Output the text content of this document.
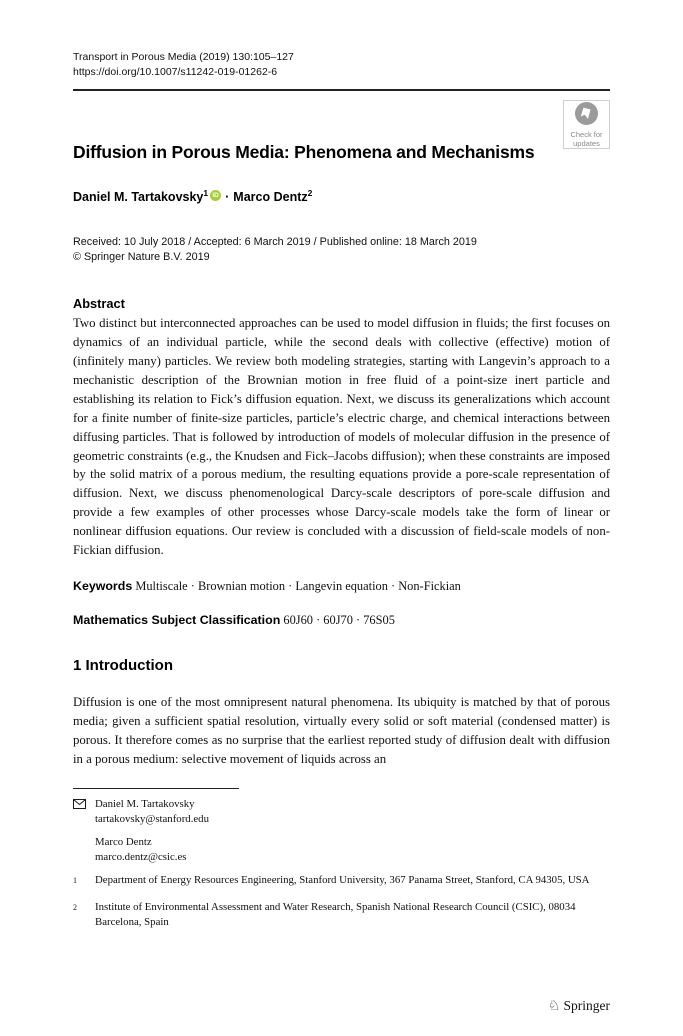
Transport in Porous Media (2019) 130:105–127
https://doi.org/10.1007/s11242-019-01262-6
Check for
updates
Diffusion in Porous Media: Phenomena and Mechanisms
Daniel M. Tartakovsky$^1$ iD · Marco Dentz$^2$
Received: 10 July 2018 / Accepted: 6 March 2019 / Published online: 18 March 2019
© Springer Nature B.V. 2019
Abstract

Two distinct but interconnected approaches can be used to model diffusion in fluids; the first focuses on dynamics of an individual particle, while the second deals with collective (effective) motion of (infinitely many) particles. We review both modeling strategies, starting with Langevin’s approach to a mechanistic description of the Brownian motion in free fluid of a point-size inert particle and establishing its relation to Fick’s diffusion equation. Next, we discuss its generalizations which account for a finite number of finite-size particles, particle’s electric charge, and chemical interactions between diffusing particles. That is followed by introduction of models of molecular diffusion in the presence of geometric constraints (e.g., the Knudsen and Fick–Jacobs diffusion); when these constraints are imposed by the solid matrix of a porous medium, the resulting equations provide a pore-scale representation of diffusion. Next, we discuss phenomenological Darcy-scale descriptors of pore-scale diffusion and provide a few examples of other processes whose Darcy-scale models take the form of linear or nonlinear diffusion equations. Our review is concluded with a discussion of field-scale models of non-Fickian diffusion.

Keywords Multiscale · Brownian motion · Langevin equation · Non-Fickian
Mathematics Subject Classification 60J60 · 60J70 · 76S05
1 Introduction

Diffusion is one of the most omnipresent natural phenomena. Its ubiquity is matched by that of porous media; given a sufficient spatial resolution, virtually every solid or soft material (condensed matter) is porous. It therefore comes as no surprise that the earliest reported study of diffusion dealt with diffusion in a porous medium: selective movement of liquids across an

Daniel M. Tartakovsky
tartakovsky@stanford.edu
Marco Dentz
marco.dentz@csic.es
$^1$	Department of Energy Resources Engineering, Stanford University, 367 Panama Street, Stanford, CA 94305, USA
$^2$	Institute of Environmental Assessment and Water Research, Spanish National Research Council (CSIC), 08034 Barcelona, Spain
♘ Springer
